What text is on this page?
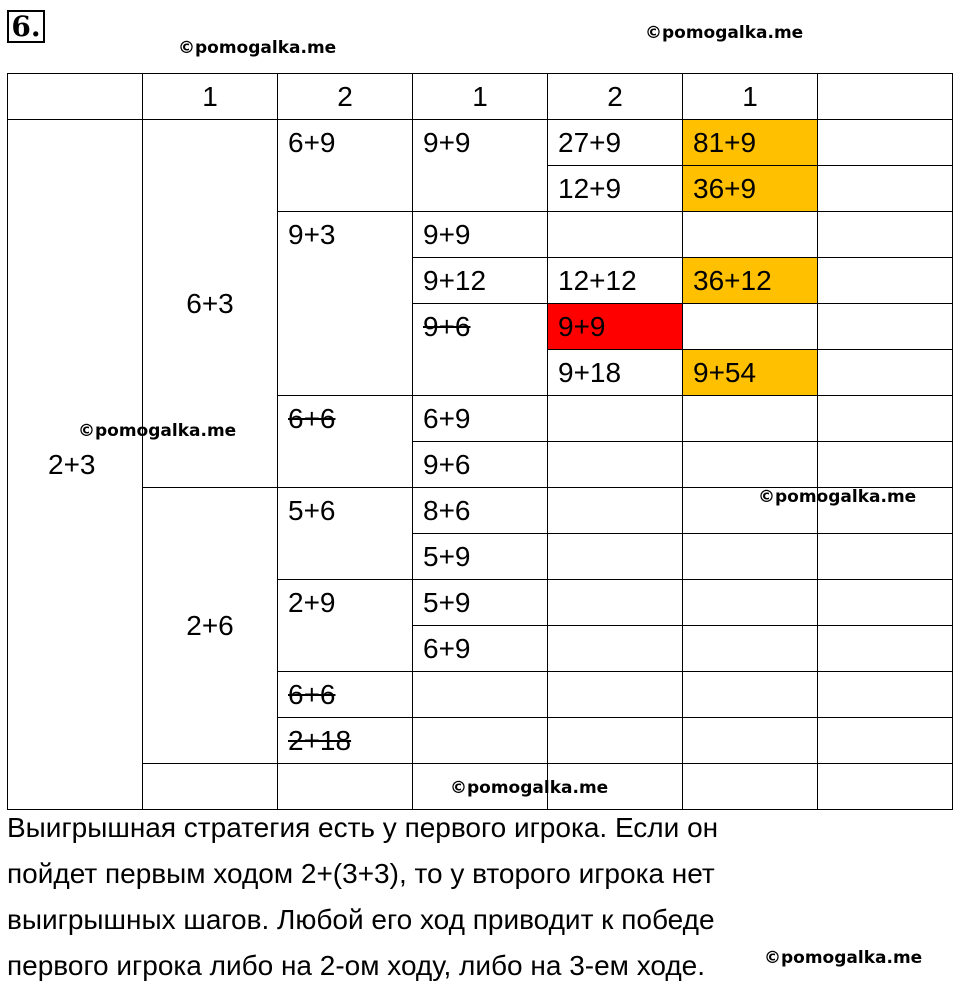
6.
©pomogalka.me
©pomogalka.me
	1	2	1	2	1	
2+3	6+3	6+9	9+9	27+9	81+9	
				12+9	36+9	
		9+3	9+9			
			9+12	12+12	36+12	
			9+6	9+9		
				9+18	9+54	
		6+6	6+9			
			9+6			
	2+6	5+6	8+6			
			5+9			
		2+9	5+9			
			6+9			
		6+6				
		2+18				

©pomogalka.me
©pomogalka.me
©pomogalka.me
Выигрышная стратегия есть у первого игрока. Если он
пойдет первым ходом 2+(3+3), то у второго игрока нет
выигрышных шагов. Любой его ход приводит к победе
первого игрока либо на 2-ом ходу, либо на 3-ем ходе.	©pomogalka.me
